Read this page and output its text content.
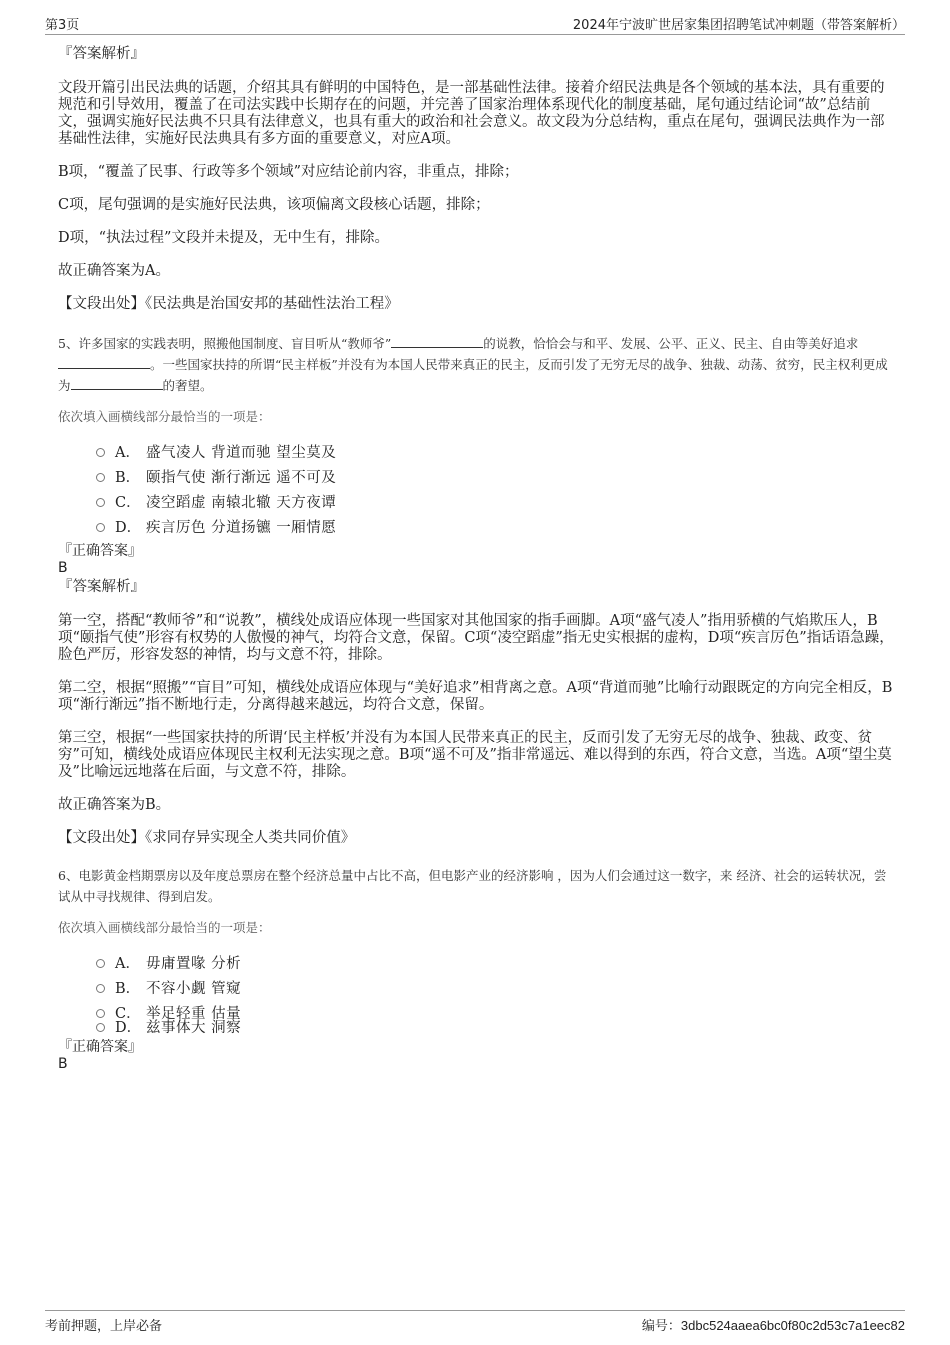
第3页	2024年宁波旷世居家集团招聘笔试冲刺题（带答案解析）

『答案解析』

文段开篇引出民法典的话题，介绍其具有鲜明的中国特色，是一部基础性法律。接着介绍民法典是各个领域的基本法，具有重要的规范和引导效用，覆盖了在司法实践中长期存在的问题，并完善了国家治理体系现代化的制度基础，尾句通过结论词“故”总结前文，强调实施好民法典不只具有法律意义，也具有重大的政治和社会意义。故文段为分总结构，重点在尾句，强调民法典作为一部基础性法律，实施好民法典具有多方面的重要意义，对应A项。

B项，“覆盖了民事、行政等多个领域”对应结论前内容，非重点，排除；

C项，尾句强调的是实施好民法典，该项偏离文段核心话题，排除；

D项，“执法过程”文段并未提及，无中生有，排除。

故正确答案为A。

【文段出处】《民法典是治国安邦的基础性法治工程》

5、许多国家的实践表明，照搬他国制度、盲目听从“教师爷”	的说教，恰恰会与和平、发展、公平、正义、民主、自由等美好追求。一些国家扶持的所谓“民主样板”并没有为本国人民带来真正的民主，反而引发了无穷无尽的战争、独裁、动荡、贫穷，民主权利更成为	的奢望。

依次填入画横线部分最恰当的一项是：

A． 盛气凌人 背道而驰 望尘莫及
B． 颐指气使 渐行渐远 遥不可及
C． 凌空蹈虚 南辕北辙 天方夜谭
D． 疾言厉色 分道扬镳 一厢情愿

『正确答案』

B

『答案解析』

第一空，搭配“教师爷”和“说教”，横线处成语应体现一些国家对其他国家的指手画脚。A项“盛气凌人”指用骄横的气焰欺压人，B项“颐指气使”形容有权势的人傲慢的神气，均符合文意，保留。C项“凌空蹈虚”指无史实根据的虚构，D项“疾言厉色”指话语急躁，脸色严厉，形容发怒的神情，均与文意不符，排除。

第二空，根据“照搬”“盲目”可知，横线处成语应体现与“美好追求”相背离之意。A项“背道而驰”比喻行动跟既定的方向完全相反，B项“渐行渐远”指不断地行走，分离得越来越远，均符合文意，保留。

第三空，根据“一些国家扶持的所谓‘民主样板’并没有为本国人民带来真正的民主，反而引发了无穷无尽的战争、独裁、政变、贫穷”可知，横线处成语应体现民主权利无法实现之意。B项“遥不可及”指非常遥远、难以得到的东西，符合文意，当选。A项“望尘莫及”比喻远远地落在后面，与文意不符，排除。

故正确答案为B。

【文段出处】《求同存异实现全人类共同价值》

6、电影黄金档期票房以及年度总票房在整个经济总量中占比不高，但电影产业的经济影响 ，因为人们会通过这一数字，来 经济、社会的运转状况，尝试从中寻找规律、得到启发。

依次填入画横线部分最恰当的一项是：

A． 毋庸置喙 分析
B． 不容小觑 管窥
C． 举足轻重 估量
D． 兹事体大 洞察

『正确答案』

B

考前押题，上岸必备	编号：3dbc524aaea6bc0f80c2d53c7a1eec82
